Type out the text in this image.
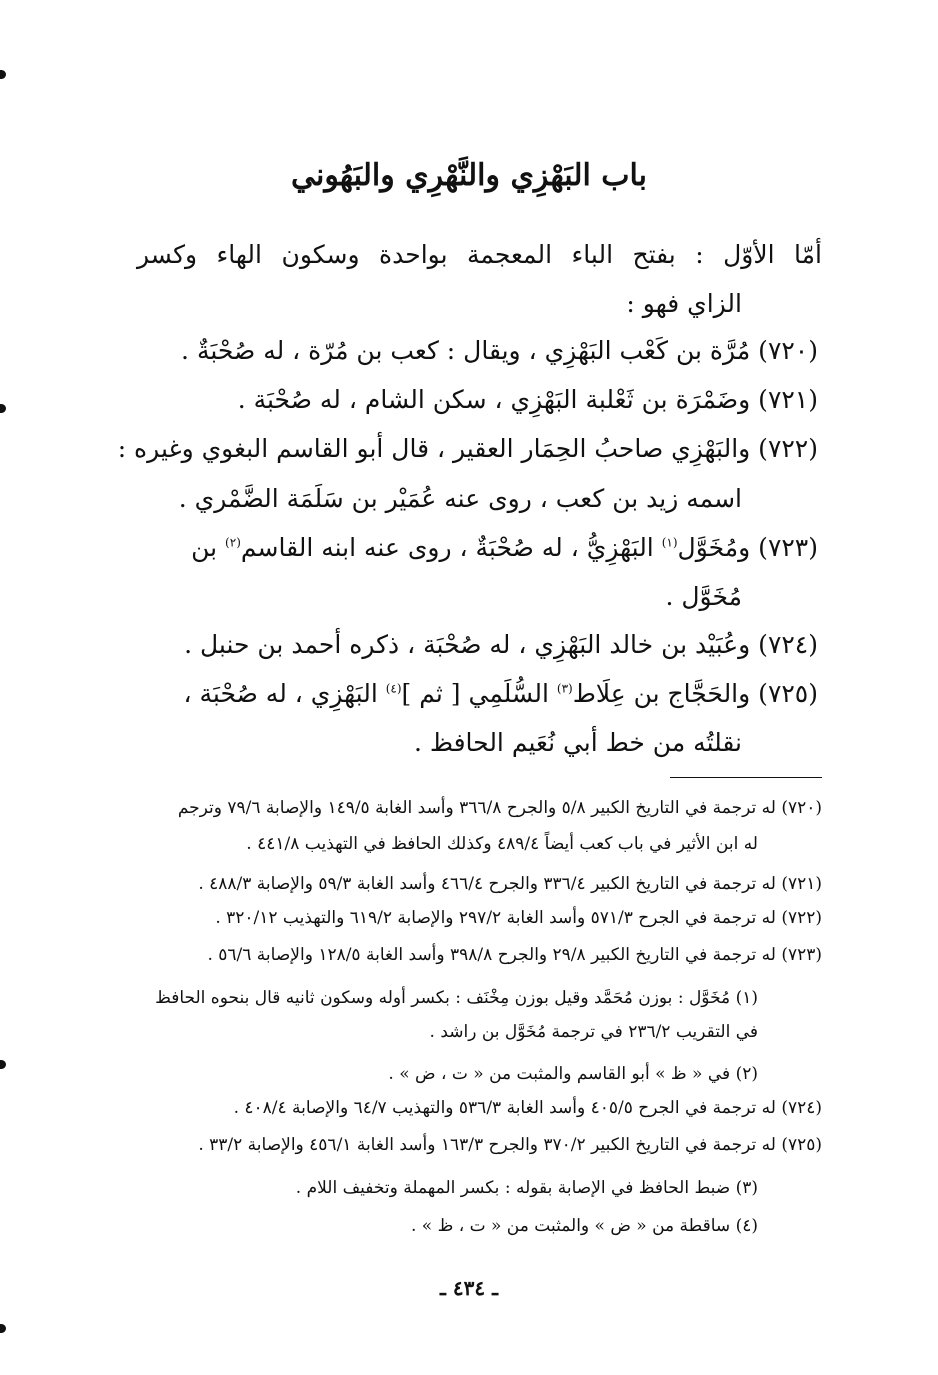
باب البَهْزِي والنَّهْرِي والبَهُوني
أمّا الأوّل : بفتح الباء المعجمة بواحدة وسكون الهاء وكسر
الزاي فهو :
(٧٢٠) مُرَّة بن كَعْب البَهْزِي ، ويقال : كعب بن مُرّة ، له صُحْبَةٌ .
(٧٢١) وضَمْرَة بن ثَعْلبة البَهْزِي ، سكن الشام ، له صُحْبَة .
(٧٢٢) والبَهْزِي صاحبُ الحِمَار العقير ، قال أبو القاسم البغوي وغيره :
اسمه زيد بن كعب ، روى عنه عُمَيْر بن سَلَمَة الضَّمْري .
(٧٢٣) ومُخَوَّل$^{(١)}$ البَهْزِيُّ ، له صُحْبَةٌ ، روى عنه ابنه القاسم$^{(٢)}$ بن
مُخَوَّل .
(٧٢٤) وعُبَيْد بن خالد البَهْزِي ، له صُحْبَة ، ذكره أحمد بن حنبل .
(٧٢٥) والحَجَّاج بن عِلَاط$^{(٣)}$ السُّلَمِي [ ثم ]$^{(٤)}$ البَهْزِي ، له صُحْبَة ،
نقلتُه من خط أبي نُعَيم الحافظ .
(٧٢٠) له ترجمة في التاريخ الكبير ٥/٨ والجرح ٣٦٦/٨ وأسد الغابة ١٤٩/٥ والإصابة ٧٩/٦ وترجم
له ابن الأثير في باب كعب أيضاً ٤٨٩/٤ وكذلك الحافظ في التهذيب ٤٤١/٨ .
(٧٢١) له ترجمة في التاريخ الكبير ٣٣٦/٤ والجرح ٤٦٦/٤ وأسد الغابة ٥٩/٣ والإصابة ٤٨٨/٣ .
(٧٢٢) له ترجمة في الجرح ٥٧١/٣ وأسد الغابة ٢٩٧/٢ والإصابة ٦١٩/٢ والتهذيب ٣٢٠/١٢ .
(٧٢٣) له ترجمة في التاريخ الكبير ٢٩/٨ والجرح ٣٩٨/٨ وأسد الغابة ١٢٨/٥ والإصابة ٥٦/٦ .
(١) مُخَوَّل : بوزن مُحَمَّد وقيل بوزن مِخْنَف : بكسر أوله وسكون ثانيه قال بنحوه الحافظ
في التقريب ٢٣٦/٢ في ترجمة مُخَوَّل بن راشد .
(٢) في « ظ » أبو القاسم والمثبت من « ت ، ض » .
(٧٢٤) له ترجمة في الجرح ٤٠٥/٥ وأسد الغابة ٥٣٦/٣ والتهذيب ٦٤/٧ والإصابة ٤٠٨/٤ .
(٧٢٥) له ترجمة في التاريخ الكبير ٣٧٠/٢ والجرح ١٦٣/٣ وأسد الغابة ٤٥٦/١ والإصابة ٣٣/٢ .
(٣) ضبط الحافظ في الإصابة بقوله : بكسر المهملة وتخفيف اللام .
(٤) ساقطة من « ض » والمثبت من « ت ، ظ » .
ـ ٤٣٤ ـ
